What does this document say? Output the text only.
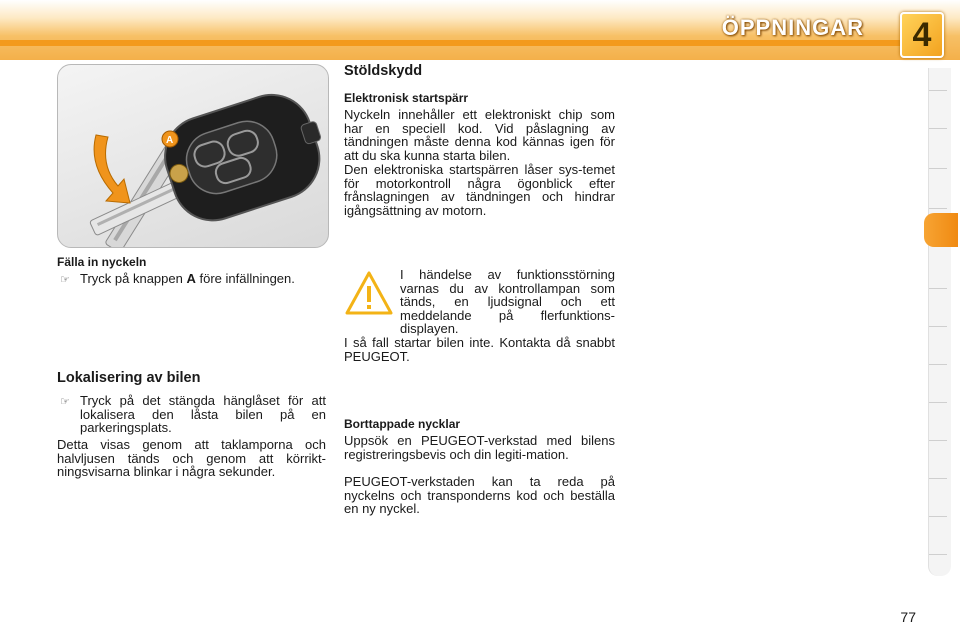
ÖPPNINGAR 4
A
Fälla in nyckeln
☞ Tryck på knappen A före infällningen.
Lokalisering av bilen
☞ Tryck på det stängda hänglåset för att lokalisera den låsta bilen på en parkeringsplats.
Detta visas genom att taklamporna och halvljusen tänds och genom att körrikt-ningsvisarna blinkar i några sekunder.
Stöldskydd
Elektronisk startspärr
Nyckeln innehåller ett elektroniskt chip som har en speciell kod. Vid påslagning av tändningen måste denna kod kännas igen för att du ska kunna starta bilen.
Den elektroniska startspärren låser sys-temet för motorkontroll några ögonblick efter frånslagningen av tändningen och hindrar igångsättning av motorn.
I händelse av funktionsstörning varnas du av kontrollampan som tänds, en ljudsignal och ett meddelande på flerfunktions-displayen.
I så fall startar bilen inte. Kontakta då snabbt PEUGEOT.
Borttappade nycklar
Uppsök en PEUGEOT-verkstad med bilens registreringsbevis och din legiti-mation.
PEUGEOT-verkstaden kan ta reda på nyckelns och transponderns kod och beställa en ny nyckel.
77
